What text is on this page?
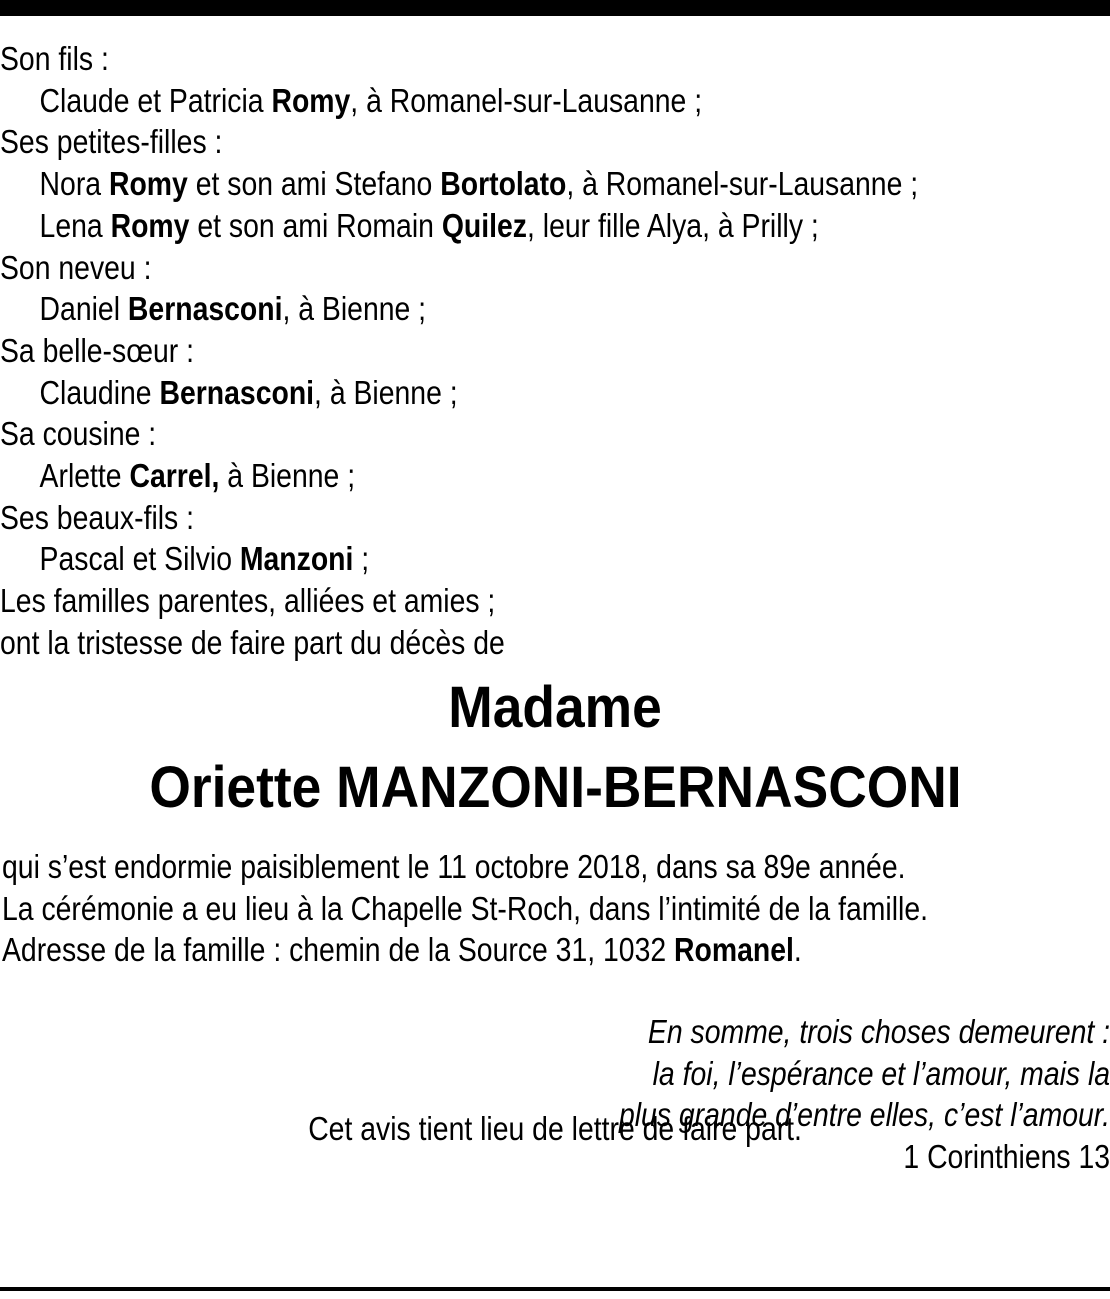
Son fils :
Claude et Patricia Romy, à Romanel-sur-Lausanne ;
Ses petites-filles :
Nora Romy et son ami Stefano Bortolato, à Romanel-sur-Lausanne ;
Lena Romy et son ami Romain Quilez, leur fille Alya, à Prilly ;
Son neveu :
Daniel Bernasconi, à Bienne ;
Sa belle-sœur :
Claudine Bernasconi, à Bienne ;
Sa cousine :
Arlette Carrel, à Bienne ;
Ses beaux-fils :
Pascal et Silvio Manzoni ;
Les familles parentes, alliées et amies ;
ont la tristesse de faire part du décès de
Madame
Oriette MANZONI-BERNASCONI
qui s’est endormie paisiblement le 11 octobre 2018, dans sa 89e année.
La cérémonie a eu lieu à la Chapelle St-Roch, dans l’intimité de la famille.
Adresse de la famille : chemin de la Source 31, 1032 Romanel.
En somme, trois choses demeurent :
la foi, l’espérance et l’amour, mais la
plus grande d’entre elles, c’est l’amour.
1 Corinthiens 13
Cet avis tient lieu de lettre de faire part.
